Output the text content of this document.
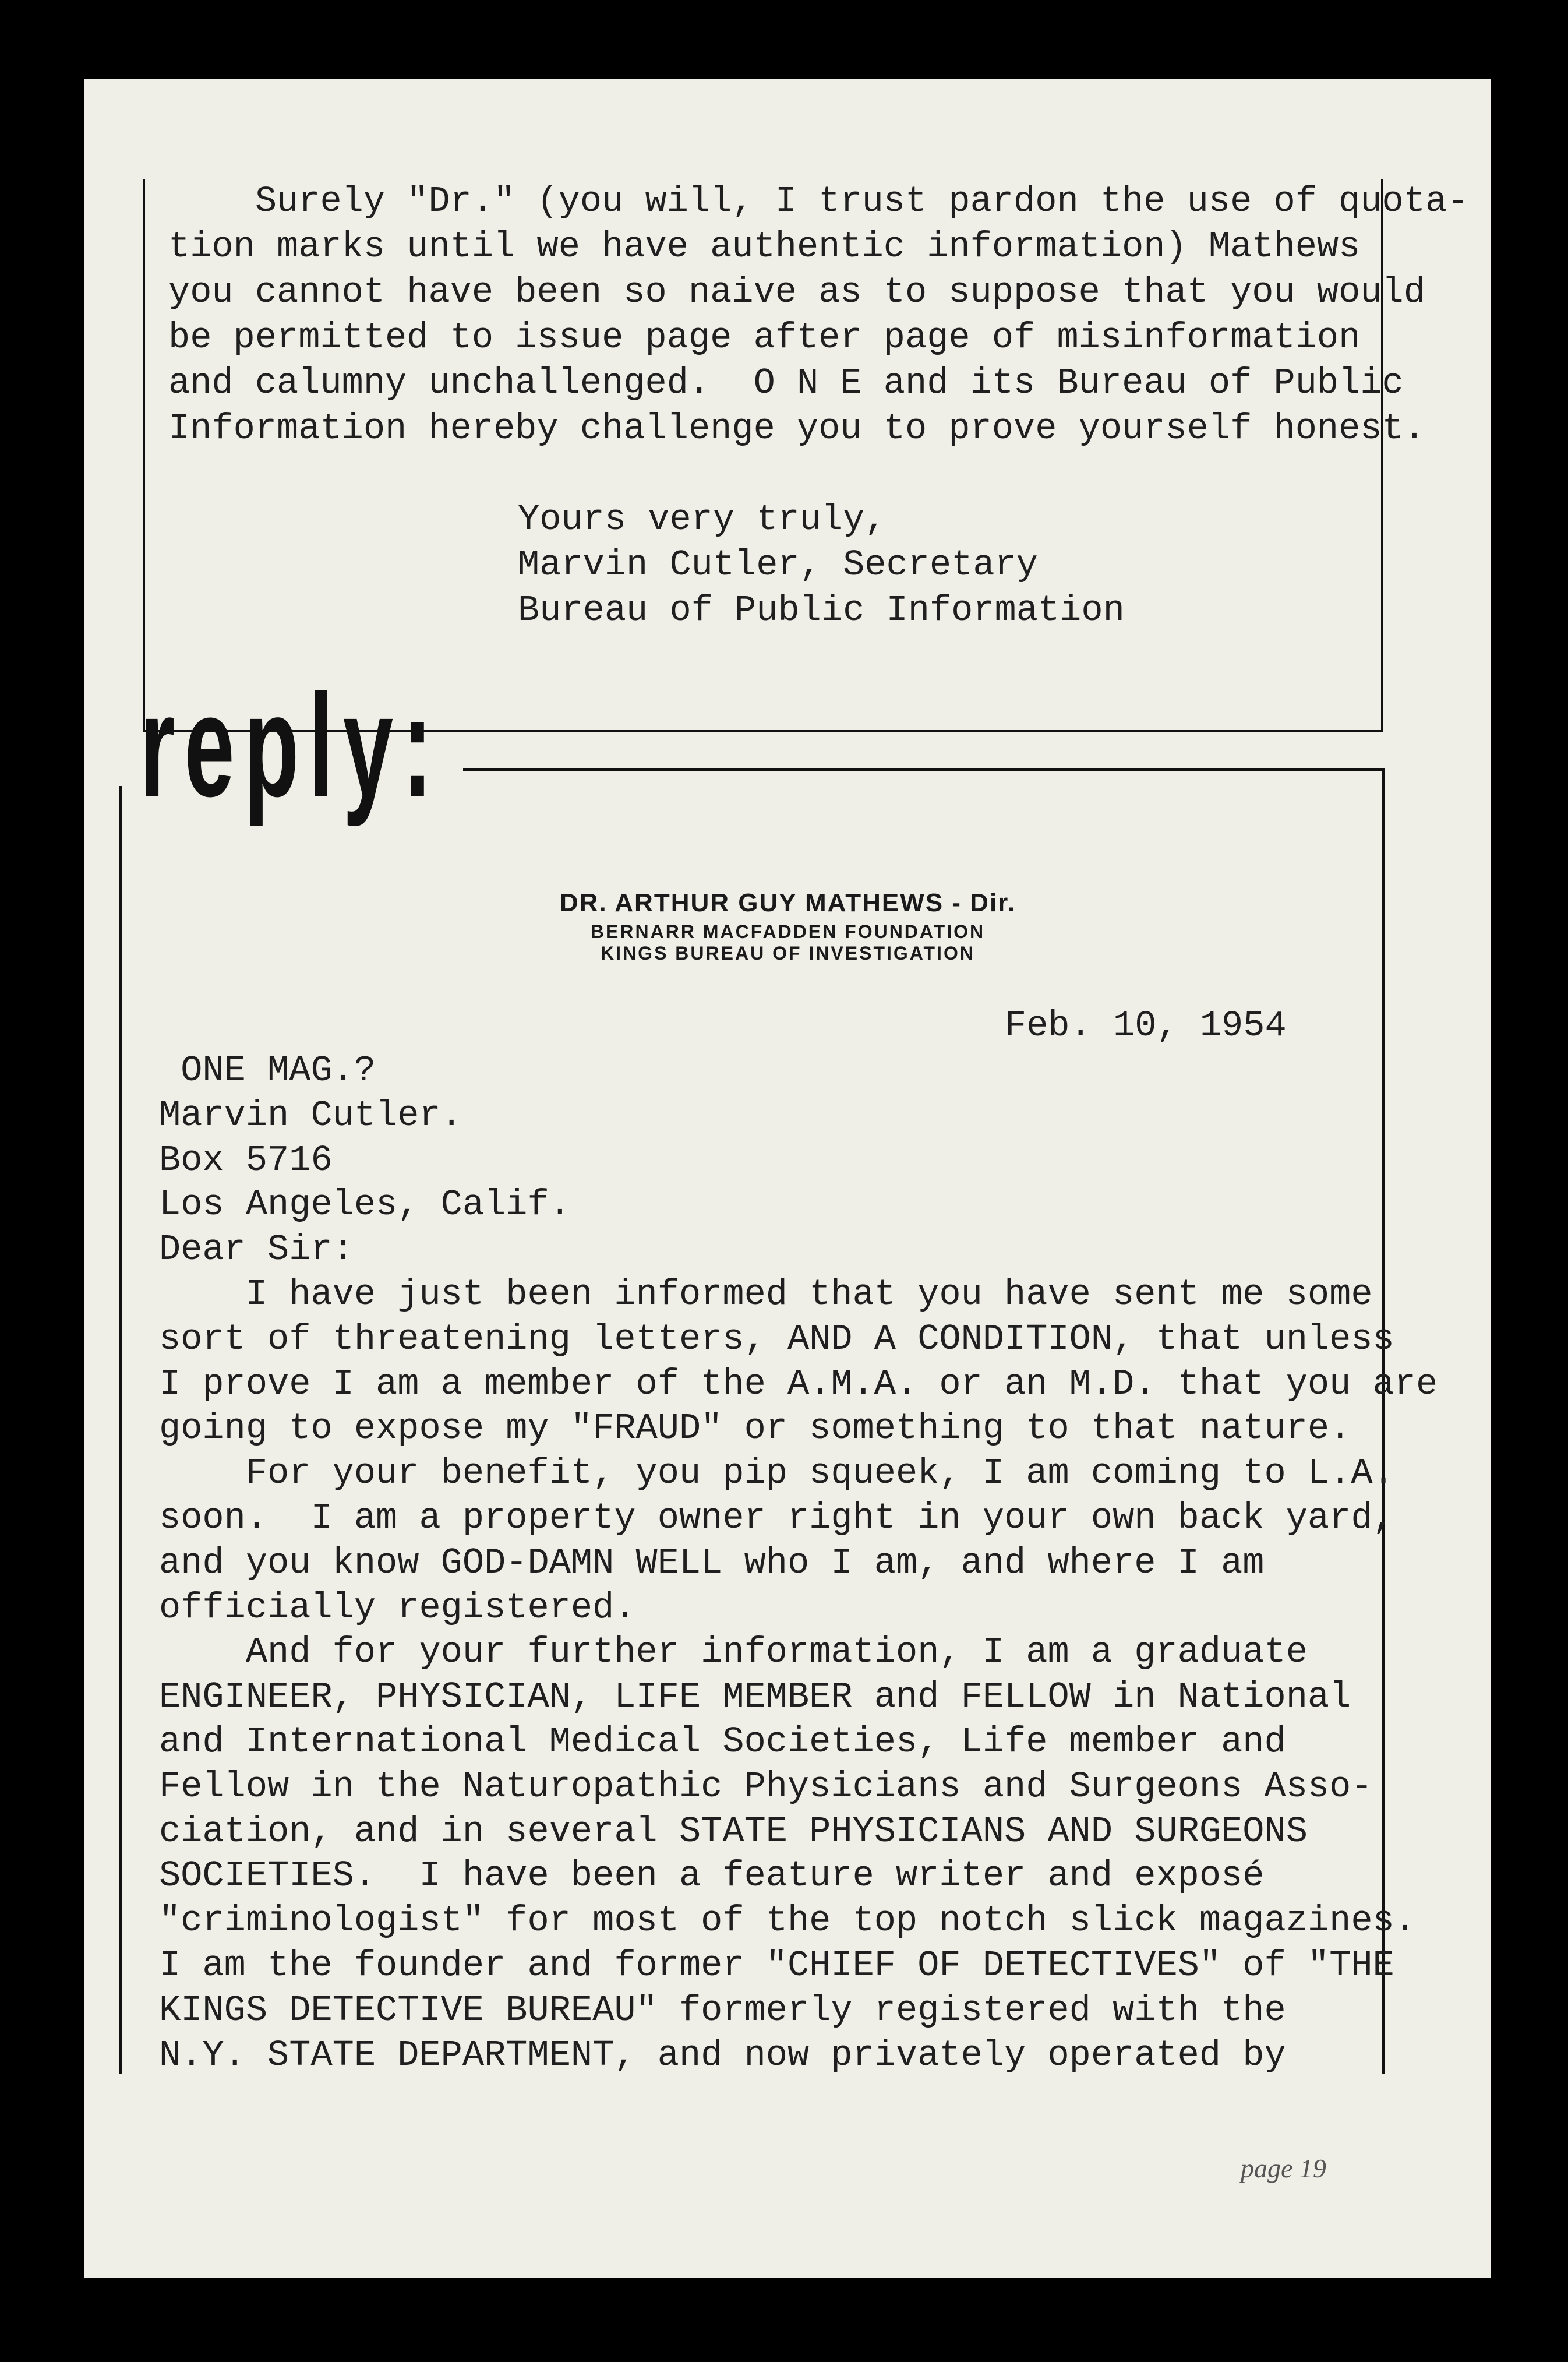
Surely "Dr." (you will, I trust pardon the use of quota-
tion marks until we have authentic information) Mathews
you cannot have been so naive as to suppose that you would
be permitted to issue page after page of misinformation
and calumny unchallenged.  O N E and its Bureau of Public
Information hereby challenge you to prove yourself honest.
Yours very truly,
Marvin Cutler, Secretary
Bureau of Public Information
reply:
DR. ARTHUR GUY MATHEWS - Dir.
BERNARR MACFADDEN FOUNDATION
KINGS BUREAU OF INVESTIGATION
Feb. 10, 1954
ONE MAG.?
Marvin Cutler.
Box 5716
Los Angeles, Calif.
Dear Sir:
I have just been informed that you have sent me some
sort of threatening letters, AND A CONDITION, that unless
I prove I am a member of the A.M.A. or an M.D. that you are
going to expose my "FRAUD" or something to that nature.
For your benefit, you pip squeek, I am coming to L.A.
soon.  I am a property owner right in your own back yard,
and you know GOD-DAMN WELL who I am, and where I am
officially registered.
And for your further information, I am a graduate
ENGINEER, PHYSICIAN, LIFE MEMBER and FELLOW in National
and International Medical Societies, Life member and
Fellow in the Naturopathic Physicians and Surgeons Asso-
ciation, and in several STATE PHYSICIANS AND SURGEONS
SOCIETIES.  I have been a feature writer and exposé
"criminologist" for most of the top notch slick magazines.
I am the founder and former "CHIEF OF DETECTIVES" of "THE
KINGS DETECTIVE BUREAU" formerly registered with the
N.Y. STATE DEPARTMENT, and now privately operated by
page 19
